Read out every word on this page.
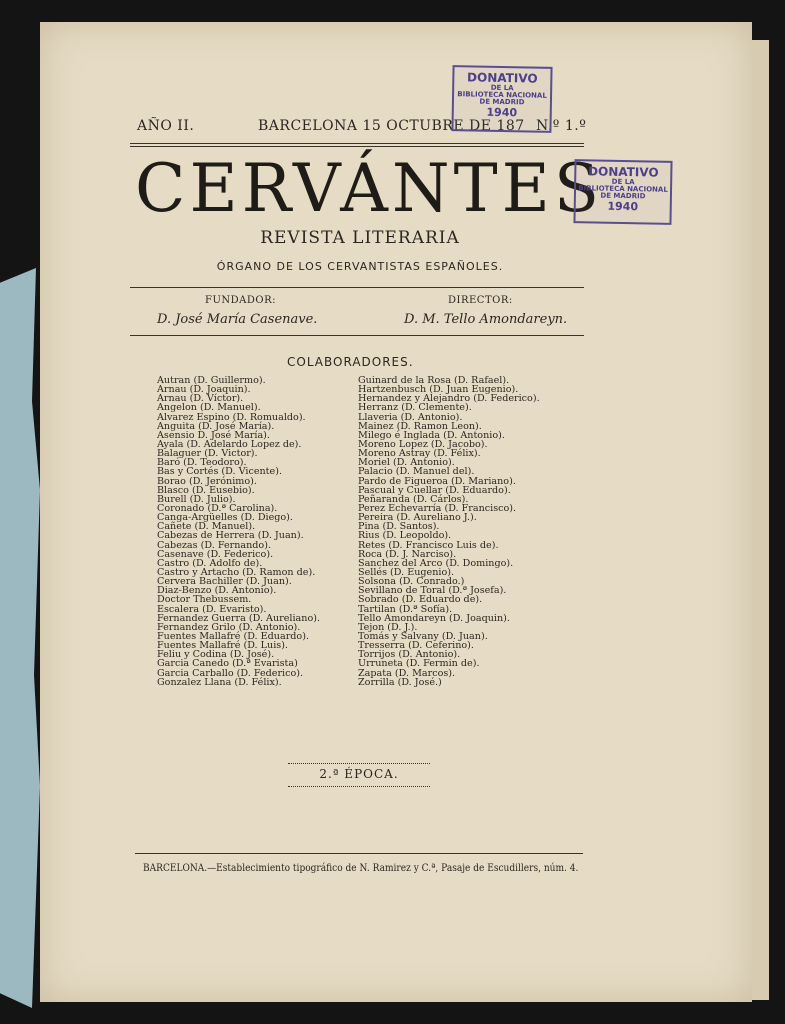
AÑO II.	BARCELONA 15 OCTUBRE DE 187 N.º 1.º
CERVÁNTES
REVISTA LITERARIA
ÓRGANO DE LOS CERVANTISTAS ESPAÑOLES.
FUNDADOR:
D. José María Casenave.
DIRECTOR:
D. M. Tello Amondareyn.
COLABORADORES.
Autran (D. Guillermo).
Arnau (D. Joaquin).
Arnau (D. Víctor).
Angelon (D. Manuel).
Alvarez Espino (D. Romualdo).
Anguita (D. José María).
Asensio D. José María).
Ayala (D. Adelardo Lopez de).
Balaguer (D. Victor).
Baró (D. Teodoro).
Bas y Cortés (D. Vicente).
Borao (D. Jerónimo).
Blasco (D. Eusebio).
Burell (D. Julio).
Coronado (D.ª Carolina).
Canga-Argüelles (D. Diego).
Cañete (D. Manuel).
Cabezas de Herrera (D. Juan).
Cabezas (D. Fernando).
Casenave (D. Federico).
Castro (D. Adolfo de).
Castro y Artacho (D. Ramon de).
Cervera Bachiller (D. Juan).
Diaz-Benzo (D. Antonio).
Doctor Thebussem.
Escalera (D. Evaristo).
Fernandez Guerra (D. Aureliano).
Fernandez Grilo (D. Antonio).
Fuentes Mallafré (D. Eduardo).
Fuentes Mallafré (D. Luis).
Feliu y Codina (D. José).
Garcia Canedo (D.ª Evarista)
Garcia Carballo (D. Federico).
Gonzalez Llana (D. Félix).
Guinard de la Rosa (D. Rafael).
Hartzenbusch (D. Juan Eugenio).
Hernandez y Alejandro (D. Federico).
Herranz (D. Clemente).
Llaveria (D. Antonio).
Mainez (D. Ramon Leon).
Milego é Inglada (D. Antonio).
Moreno Lopez (D. Jacobo).
Moreno Astray (D. Félix).
Moriel (D. Antonio).
Palacio (D. Manuel del).
Pardo de Figueroa (D. Mariano).
Pascual y Cuellar (D. Eduardo).
Peñaranda (D. Cárlos).
Perez Echevarría (D. Francisco).
Pereira (D. Aureliano J.).
Pina (D. Santos).
Rius (D. Leopoldo).
Retes (D. Francisco Luis de).
Roca (D. J. Narciso).
Sanchez del Arco (D. Domingo).
Sellés (D. Eugenio).
Solsona (D. Conrado.)
Sevillano de Toral (D.ª Josefa).
Sobrado (D. Eduardo de).
Tartilan (D.ª Sofía).
Tello Amondareyn (D. Joaquin).
Tejon (D. J.).
Tomás y Salvany (D. Juan).
Tresserra (D. Ceferino).
Torrijos (D. Antonio).
Urruneta (D. Fermin de).
Zapata (D. Marcos).
Zorrilla (D. José.)
2.ª ÉPOCA.
BARCELONA.—Establecimiento tipográfico de N. Ramirez y C.ª, Pasaje de Escudillers, núm. 4.
DONATIVO
DE LA
BIBLIOTECA NACIONAL
DE MADRID
1940
DONATIVO
DE LA
BIBLIOTECA NACIONAL
DE MADRID
1940
